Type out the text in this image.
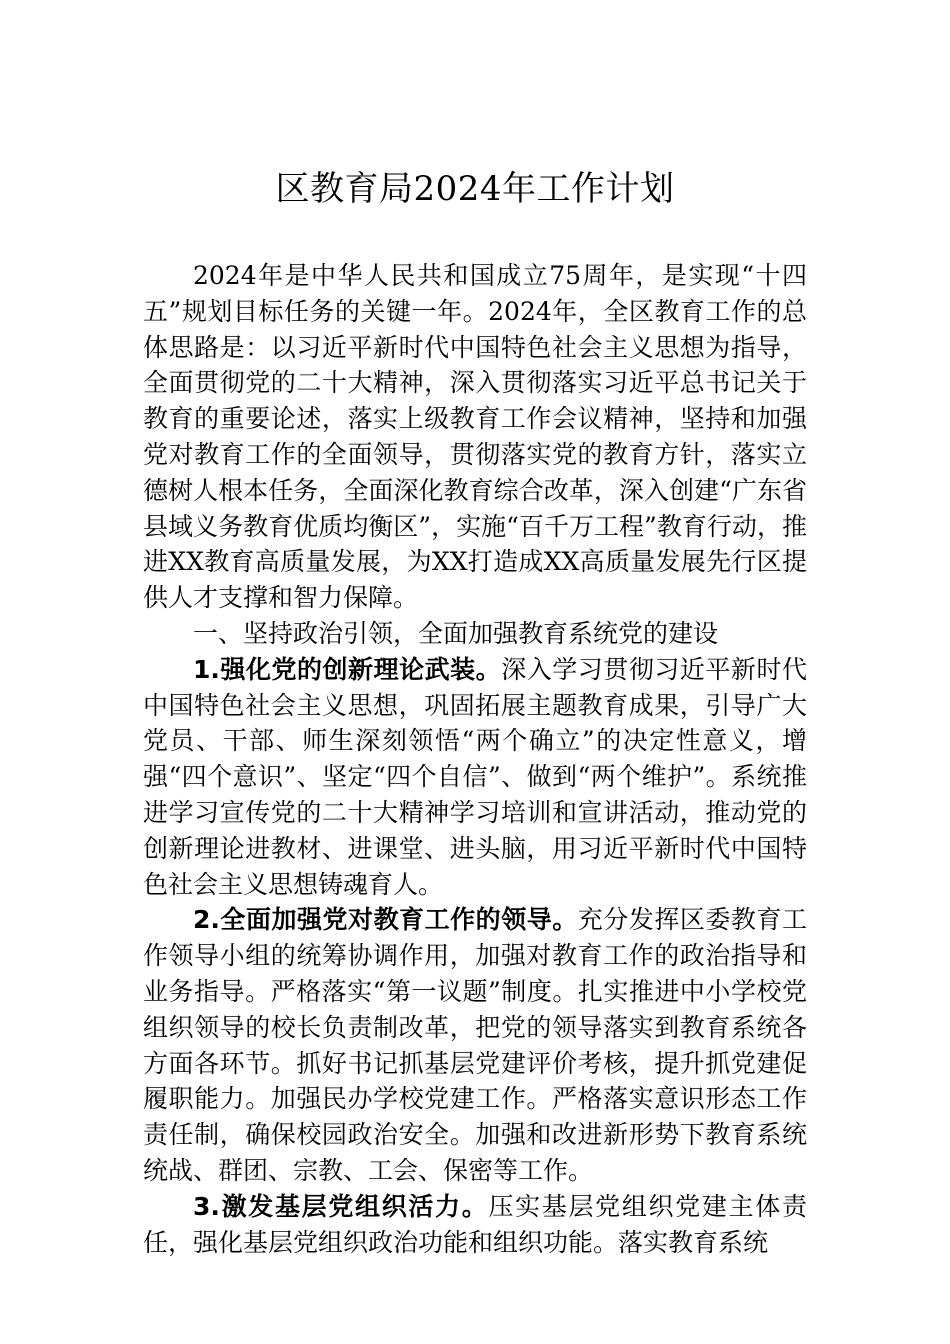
区教育局2024年工作计划

2024年是中华人民共和国成立75周年，是实现“十四五”规划目标任务的关键一年。2024年，全区教育工作的总体思路是：以习近平新时代中国特色社会主义思想为指导，全面贯彻党的二十大精神，深入贯彻落实习近平总书记关于教育的重要论述，落实上级教育工作会议精神，坚持和加强党对教育工作的全面领导，贯彻落实党的教育方针，落实立德树人根本任务，全面深化教育综合改革，深入创建“广东省县域义务教育优质均衡区”，实施“百千万工程”教育行动，推进XX教育高质量发展，为XX打造成XX高质量发展先行区提供人才支撑和智力保障。

一、坚持政治引领，全面加强教育系统党的建设

1.强化党的创新理论武装。深入学习贯彻习近平新时代中国特色社会主义思想，巩固拓展主题教育成果，引导广大党员、干部、师生深刻领悟“两个确立”的决定性意义，增强“四个意识”、坚定“四个自信”、做到“两个维护”。系统推进学习宣传党的二十大精神学习培训和宣讲活动，推动党的创新理论进教材、进课堂、进头脑，用习近平新时代中国特色社会主义思想铸魂育人。

2.全面加强党对教育工作的领导。充分发挥区委教育工作领导小组的统筹协调作用，加强对教育工作的政治指导和业务指导。严格落实“第一议题”制度。扎实推进中小学校党组织领导的校长负责制改革，把党的领导落实到教育系统各方面各环节。抓好书记抓基层党建评价考核，提升抓党建促履职能力。加强民办学校党建工作。严格落实意识形态工作责任制，确保校园政治安全。加强和改进新形势下教育系统统战、群团、宗教、工会、保密等工作。

3.激发基层党组织活力。压实基层党组织党建主体责任，强化基层党组织政治功能和组织功能。落实教育系统
